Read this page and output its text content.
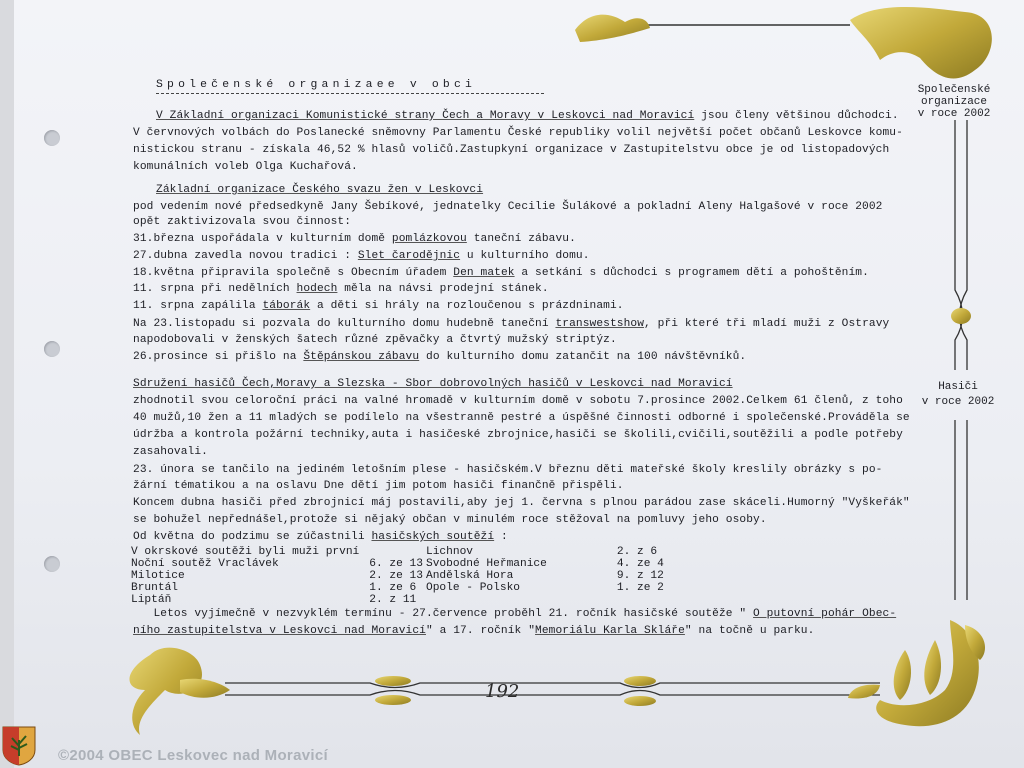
Společenské organizaee v obci	Společenské
organizace
v roce 2002
Hasiči
v roce 2002
V Základní organizaci Komunistické strany Čech a Moravy v Leskovci nad Moravicí jsou členy většinou důchodci.
V červnových volbách do Poslanecké sněmovny Parlamentu České republiky volil největší počet občanů Leskovce komu-
nistickou stranu - získala 46,52 % hlasů voličů.Zastupkyní organizace v Zastupitelstvu obce je od listopadových
komunálních voleb Olga Kuchařová.
Základní organizace Českého svazu žen v Leskovci
pod vedením nové předsedkyně Jany Šebíkové, jednatelky Cecilie Šulákové a pokladní Aleny Halgašové v roce 2002
opět zaktivizovala svou činnost:
31.března uspořádala v kulturním domě pomlázkovou taneční zábavu.
27.dubna zavedla novou tradici : Slet čarodějnic u kulturního domu.
18.května připravila společně s Obecním úřadem Den matek a setkání s důchodci s programem dětí a pohoštěním.
11. srpna při nedělních hodech měla na návsi prodejní stánek.
11. srpna zapálila táborák a děti si hrály na rozloučenou s prázdninami.
Na 23.listopadu si pozvala do kulturního domu hudebně taneční transwestshow, při které tři mladí muži z Ostravy
napodobovali v ženských šatech různé zpěvačky a čtvrtý mužský striptýz.
26.prosince si přišlo na Štěpánskou zábavu do kulturního domu zatančit na 100 návštěvníků.
Sdružení hasičů Čech,Moravy a Slezska - Sbor dobrovolných hasičů v Leskovci nad Moravicí
zhodnotil svou celoroční práci na valné hromadě v kulturním domě v sobotu 7.prosince 2002.Celkem 61 členů, z toho
40 mužů,10 žen a 11 mladých se podílelo na všestranně pestré a úspěšné činnosti odborné i společenské.Prováděla se
údržba a kontrola požární techniky,auta i hasičeské zbrojnice,hasiči se školili,cvičili,soutěžili a podle potřeby
zasahovali.
23. února se tančilo na jediném letošním plese - hasičském.V březnu děti mateřské školy kreslily obrázky s po-
žární tématikou a na oslavu Dne dětí jim potom hasiči finančně přispěli.
Koncem dubna hasiči před zbrojnicí máj postavili,aby jej 1. června s plnou parádou zase skáceli.Humorný "Vyškeřák"
se bohužel nepřednášel,protože si nějaký občan v minulém roce stěžoval na pomluvy jeho osoby.
Od května do podzimu se zúčastnili hasičských soutěží :
V okrskové soutěži byli muži první	
Noční soutěž Vraclávek	6. ze 13
Milotice	2. ze 13
Bruntál	1. ze 6
Liptáň	2. z 11
Lichnov	2. z 6
Svobodné Heřmanice	4. ze 4
Andělská Hora	9. z 12
Opole - Polsko	1. ze 2
Letos vyjímečně v nezvyklém termínu - 27.července proběhl 21. ročník hasičské soutěže " O putovní pohár Obec-
ního zastupitelstva v Leskovci nad Moravicí" a 17. ročník "Memoriálu Karla Skláře" na točně u parku.
192
©2004 OBEC Leskovec nad Moravicí
